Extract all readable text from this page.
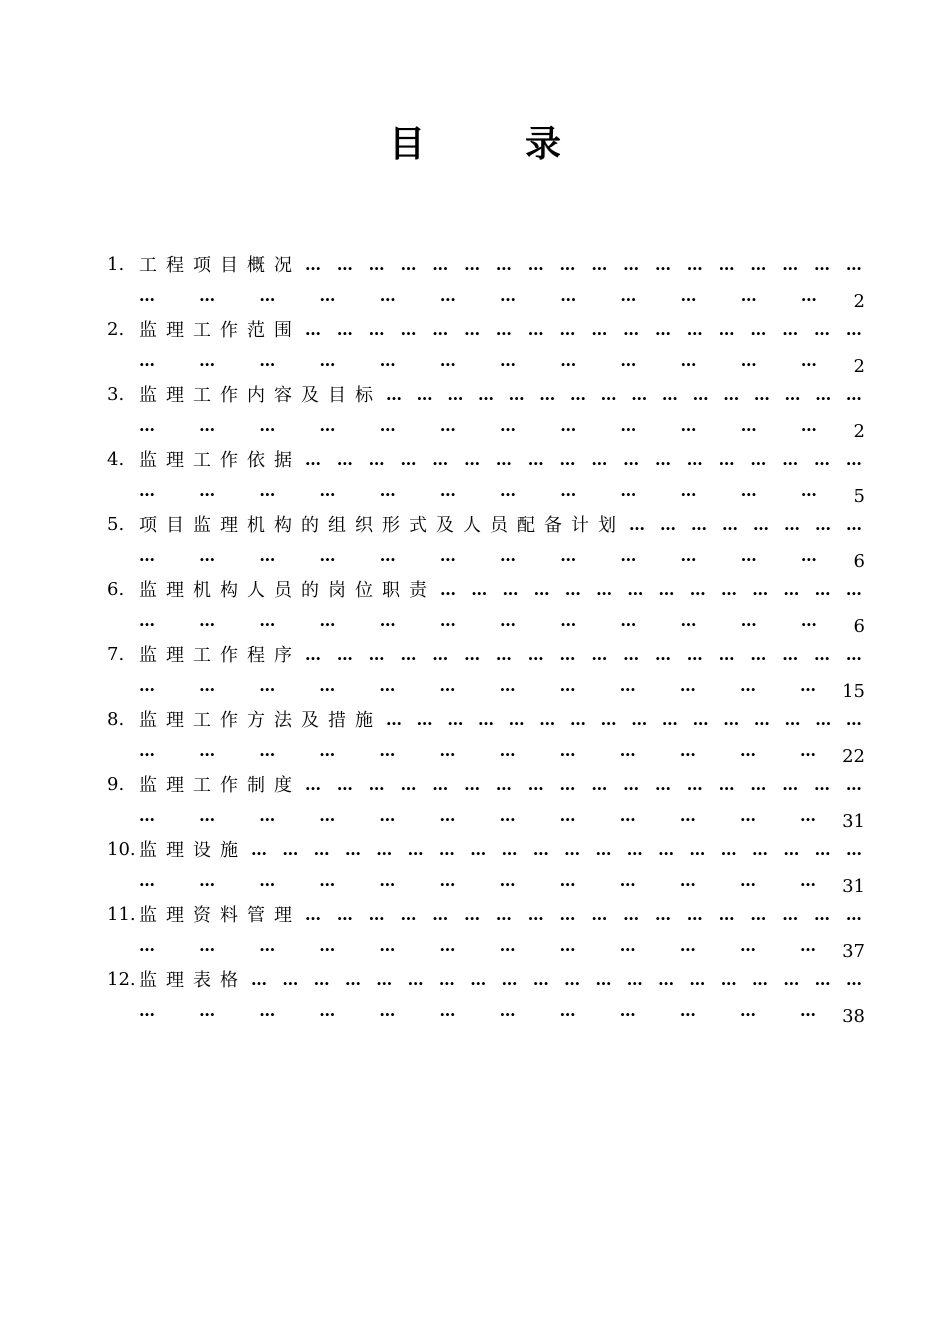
目	录
1. 工程项目概况 … … … … … … … … … … … … … … … … … …
…	…	…	…	…	…	…	…	…	…	…	…	2
2. 监理工作范围 … … … … … … … … … … … … … … … … … …
…	…	…	…	…	…	…	…	…	…	…	…	2
3. 监理工作内容及目标 … … … … … … … … … … … … … … … …
…	…	…	…	…	…	…	…	…	…	…	…	2
4. 监理工作依据 … … … … … … … … … … … … … … … … … …
…	…	…	…	…	…	…	…	…	…	…	…	5
5. 项目监理机构的组织形式及人员配备计划 … … … … … … … …
…	…	…	…	…	…	…	…	…	…	…	…	6
6. 监理机构人员的岗位职责 … … … … … … … … … … … … … …
…	…	…	…	…	…	…	…	…	…	…	…	6
7. 监理工作程序 … … … … … … … … … … … … … … … … … …
…	…	…	…	…	…	…	…	…	…	…	… 15
8. 监理工作方法及措施 … … … … … … … … … … … … … … … …
…	…	…	…	…	…	…	…	…	…	…	… 22
9. 监理工作制度 … … … … … … … … … … … … … … … … … …
…	…	…	…	…	…	…	…	…	…	…	… 31
10. 监理设施 … … … … … … … … … … … … … … … … … … … …
…	…	…	…	…	…	…	…	…	…	…	… 31
11. 监理资料管理 … … … … … … … … … … … … … … … … … …
…	…	…	…	…	…	…	…	…	…	…	… 37
12. 监理表格 … … … … … … … … … … … … … … … … … … … …
…	…	…	…	…	…	…	…	…	…	…	… 38
